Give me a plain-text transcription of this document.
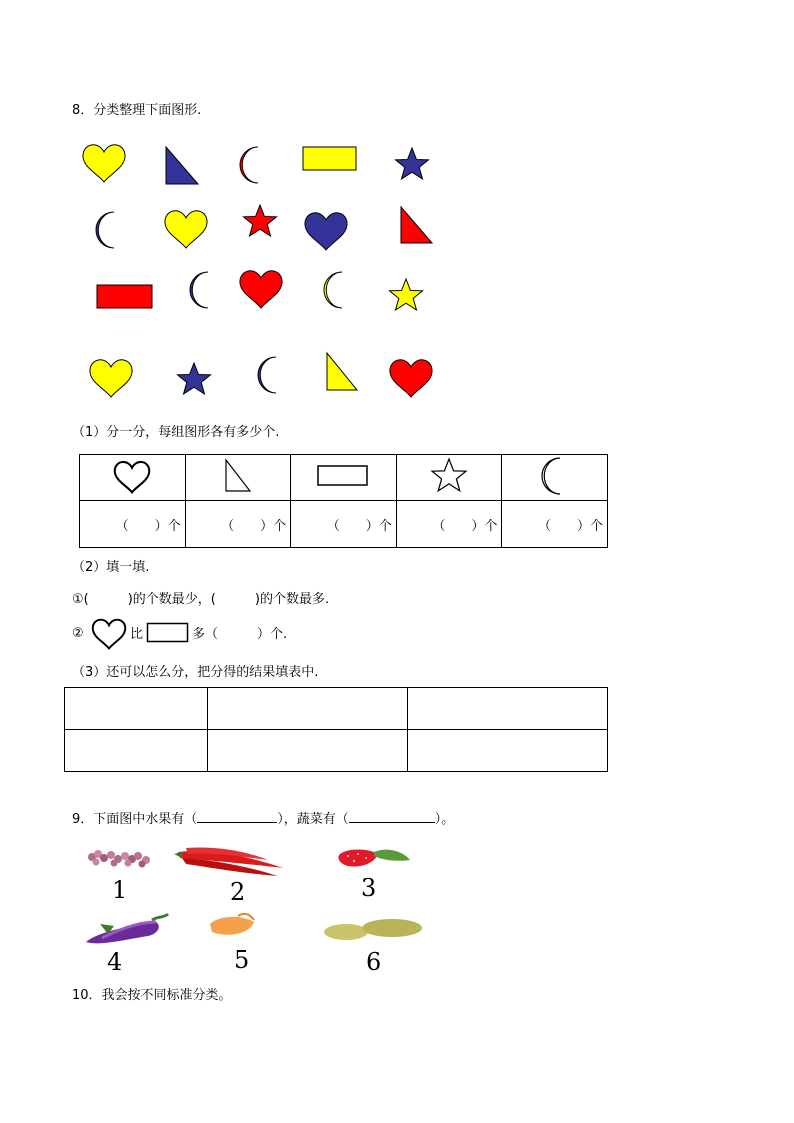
8．分类整理下面图形.
（1）分一分，每组图形各有多少个.

（　　）个	（　　）个	（　　）个	（　　）个	（　　）个
（2）填一填.
①(　　　)的个数最少，(　　　)的个数最多.
②	比	多（　　　）个.
（3）还可以怎么分，把分得的结果填表中.

9．下面图中水果有（	），蔬菜有（	）。
1	2	3
4	5	6
10．我会按不同标准分类。
